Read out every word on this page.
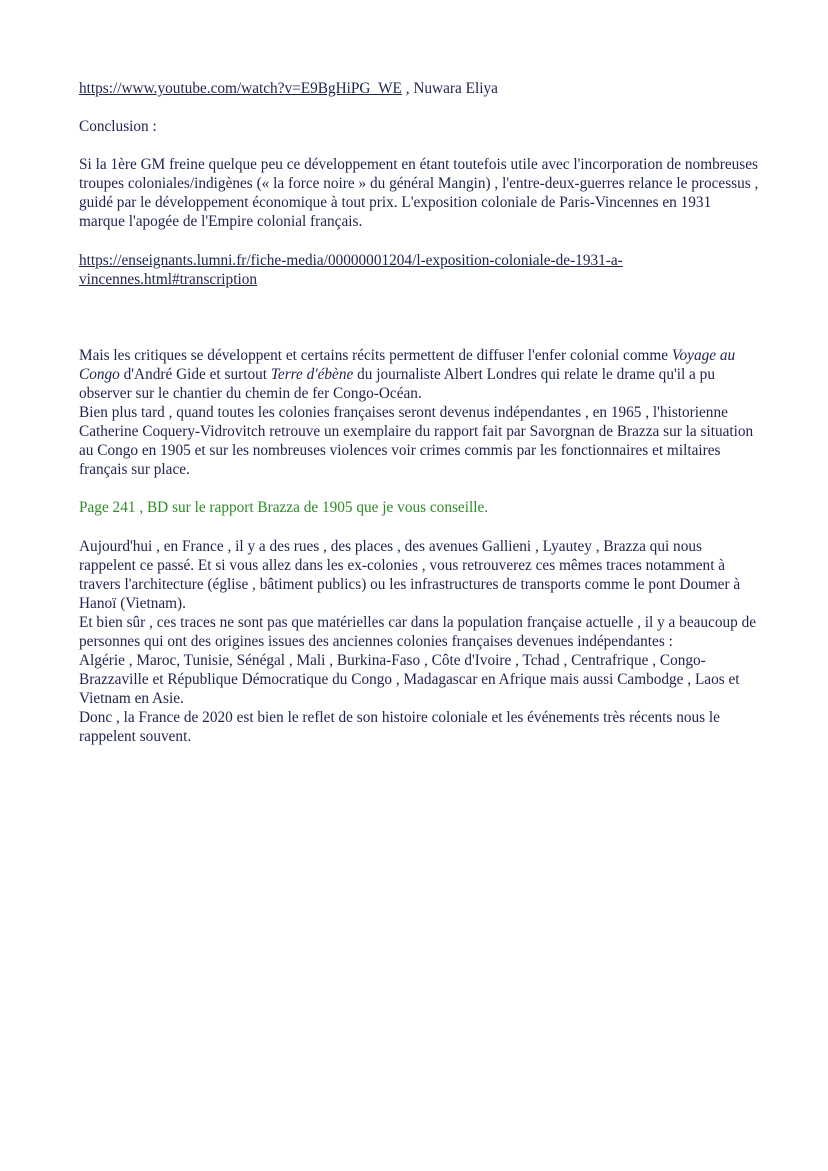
https://www.youtube.com/watch?v=E9BgHiPG_WE , Nuwara Eliya

Conclusion :

Si la 1ère GM freine quelque peu ce développement en étant toutefois utile avec l'incorporation de nombreuses troupes coloniales/indigènes (« la force noire » du général Mangin) , l'entre-deux-guerres relance le processus , guidé par le développement économique à tout prix. L'exposition coloniale de Paris-Vincennes en 1931 marque l'apogée de l'Empire colonial français.

https://enseignants.lumni.fr/fiche-media/00000001204/l-exposition-coloniale-de-1931-a-
vincennes.html#transcription

Mais les critiques se développent et certains récits permettent de diffuser l'enfer colonial comme Voyage au Congo d'André Gide et surtout Terre d'ébène du journaliste Albert Londres qui relate le drame qu'il a pu observer sur le chantier du chemin de fer Congo-Océan.

Bien plus tard , quand toutes les colonies françaises seront devenus indépendantes , en 1965 , l'historienne Catherine Coquery-Vidrovitch retrouve un exemplaire du rapport fait par Savorgnan de Brazza sur la situation au Congo en 1905 et sur les nombreuses violences voir crimes commis par les fonctionnaires et miltaires français sur place.

Page 241 , BD sur le rapport Brazza de 1905 que je vous conseille.

Aujourd'hui , en France , il y a des rues , des places , des avenues Gallieni , Lyautey , Brazza qui nous rappelent ce passé. Et si vous allez dans les ex-colonies , vous retrouverez ces mêmes traces notamment à travers l'architecture (église , bâtiment publics) ou les infrastructures de transports comme le pont Doumer à Hanoï (Vietnam).

Et bien sûr , ces traces ne sont pas que matérielles car dans la population française actuelle , il y a beaucoup de personnes qui ont des origines issues des anciennes colonies françaises devenues indépendantes :

Algérie , Maroc, Tunisie, Sénégal , Mali , Burkina-Faso , Côte d'Ivoire , Tchad , Centrafrique , Congo-Brazzaville et République Démocratique du Congo , Madagascar en Afrique mais aussi Cambodge , Laos et Vietnam en Asie.

Donc , la France de 2020 est bien le reflet de son histoire coloniale et les événements très récents nous le rappelent souvent.
